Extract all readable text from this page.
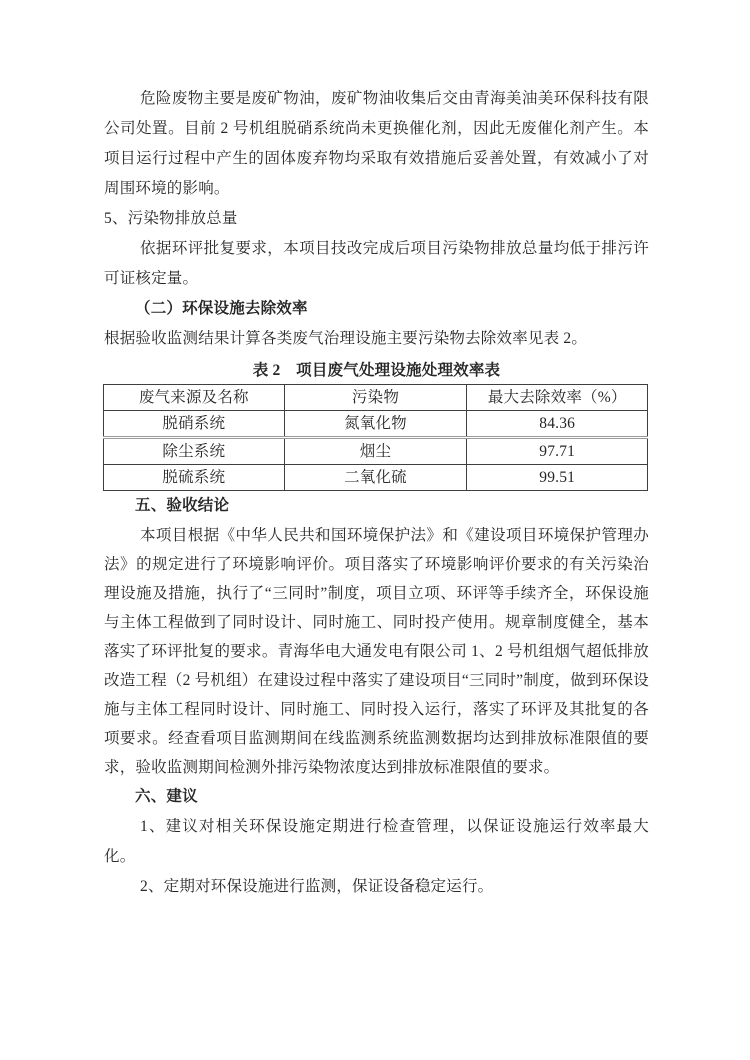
危险废物主要是废矿物油，废矿物油收集后交由青海美油美环保科技有限公司处置。目前 2 号机组脱硝系统尚未更换催化剂，因此无废催化剂产生。本项目运行过程中产生的固体废弃物均采取有效措施后妥善处置，有效减小了对周围环境的影响。

5、污染物排放总量

依据环评批复要求，本项目技改完成后项目污染物排放总量均低于排污许可证核定量。

（二）环保设施去除效率

根据验收监测结果计算各类废气治理设施主要污染物去除效率见表 2。

表 2　项目废气处理设施处理效率表
废气来源及名称	污染物	最大去除效率（%）
脱硝系统	氮氧化物	84.36
除尘系统	烟尘	97.71
脱硫系统	二氧化硫	99.51

五、验收结论

本项目根据《中华人民共和国环境保护法》和《建设项目环境保护管理办法》的规定进行了环境影响评价。项目落实了环境影响评价要求的有关污染治理设施及措施，执行了“三同时”制度，项目立项、环评等手续齐全，环保设施与主体工程做到了同时设计、同时施工、同时投产使用。规章制度健全，基本落实了环评批复的要求。青海华电大通发电有限公司 1、2 号机组烟气超低排放改造工程（2 号机组）在建设过程中落实了建设项目“三同时”制度，做到环保设施与主体工程同时设计、同时施工、同时投入运行，落实了环评及其批复的各项要求。经查看项目监测期间在线监测系统监测数据均达到排放标准限值的要求，验收监测期间检测外排污染物浓度达到排放标准限值的要求。

六、建议

1、建议对相关环保设施定期进行检查管理，以保证设施运行效率最大化。

2、定期对环保设施进行监测，保证设备稳定运行。
